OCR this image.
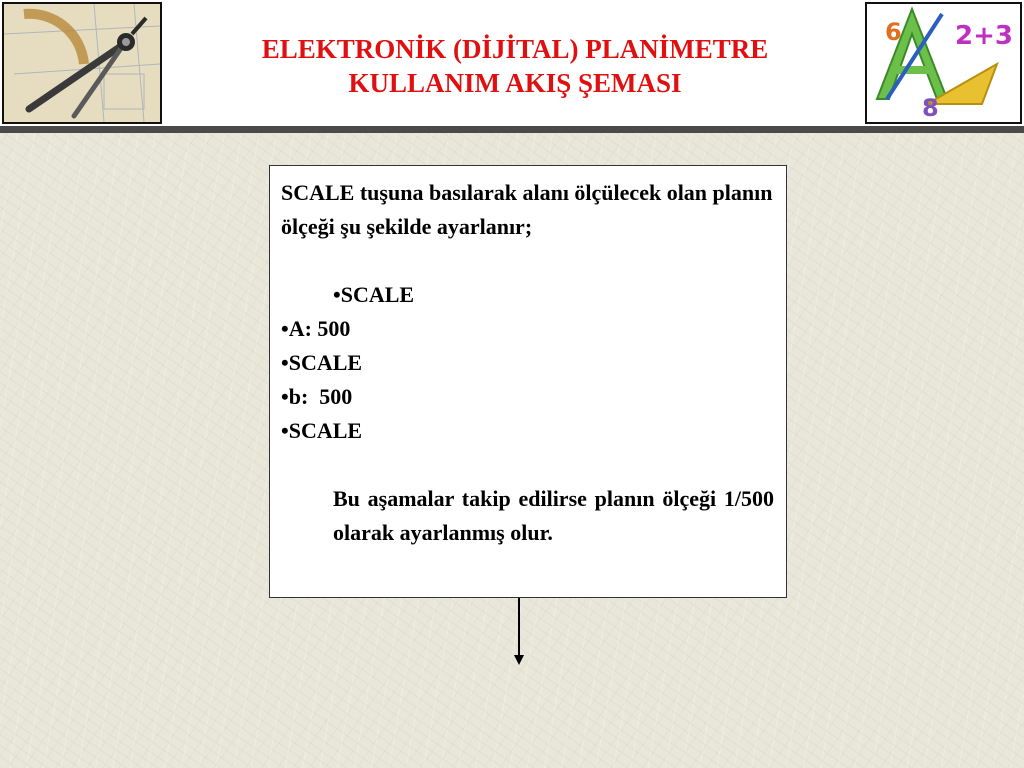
ELEKTRONİK (DİJİTAL) PLANİMETRE
KULLANIM AKIŞ ŞEMASI
6 2+3
8

SCALE tuşuna basılarak alanı ölçülecek olan planın ölçeği şu şekilde ayarlanır;

• SCALE

• A: 500

• SCALE

• b:  500

• SCALE

Bu aşamalar takip edilirse planın ölçeği 1/500 olarak ayarlanmış olur.
